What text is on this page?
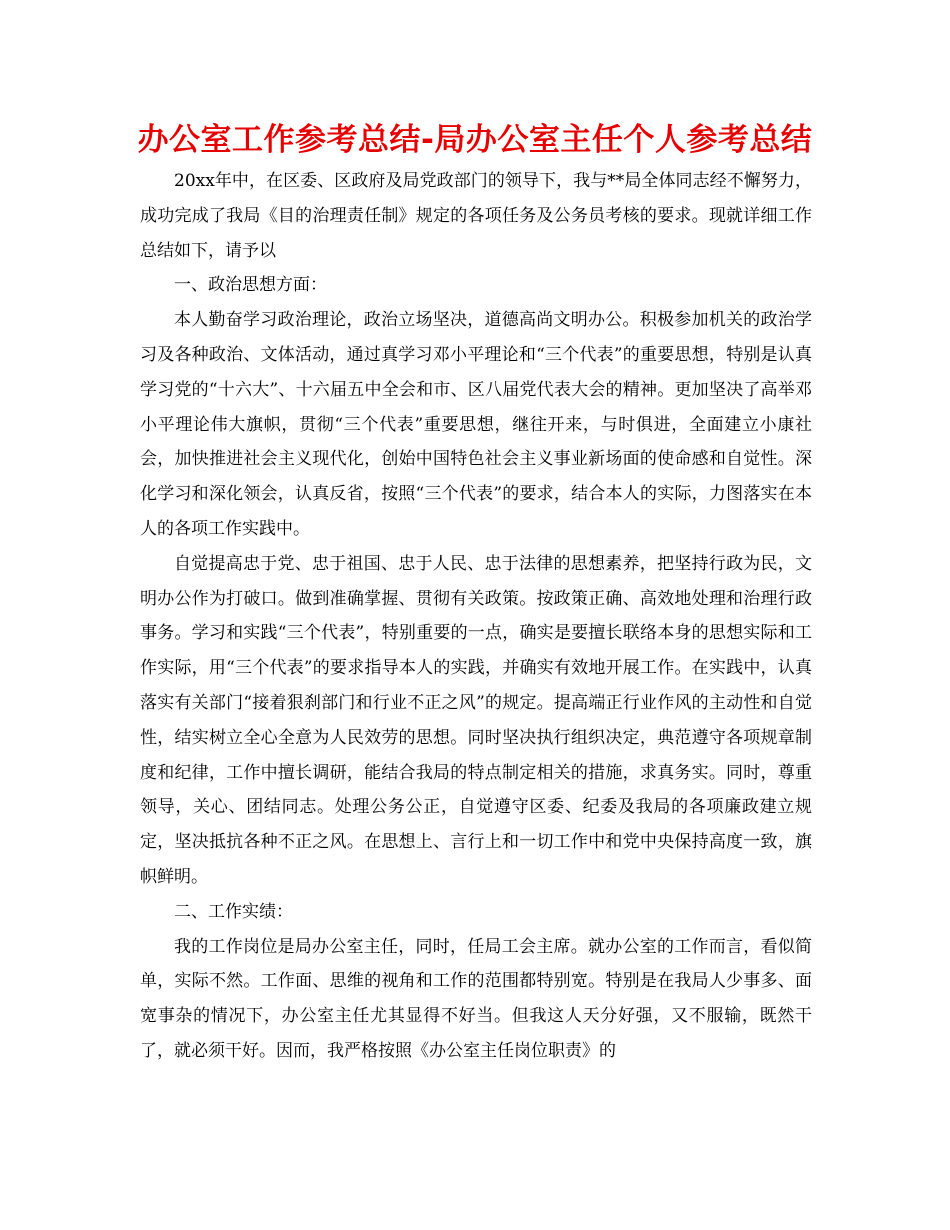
办公室工作参考总结-局办公室主任个人参考总结

20xx年中，在区委、区政府及局党政部门的领导下，我与**局全体同志经不懈努力，成功完成了我局《目的治理责任制》规定的各项任务及公务员考核的要求。现就详细工作总结如下，请予以

一、政治思想方面：

本人勤奋学习政治理论，政治立场坚决，道德高尚文明办公。积极参加机关的政治学习及各种政治、文体活动，通过真学习邓小平理论和“三个代表”的重要思想，特别是认真学习党的“十六大”、十六届五中全会和市、区八届党代表大会的精神。更加坚决了高举邓小平理论伟大旗帜，贯彻“三个代表”重要思想，继往开来，与时俱进，全面建立小康社会，加快推进社会主义现代化，创始中国特色社会主义事业新场面的使命感和自觉性。深化学习和深化领会，认真反省，按照“三个代表”的要求，结合本人的实际，力图落实在本人的各项工作实践中。

自觉提高忠于党、忠于祖国、忠于人民、忠于法律的思想素养，把坚持行政为民，文明办公作为打破口。做到准确掌握、贯彻有关政策。按政策正确、高效地处理和治理行政事务。学习和实践“三个代表”，特别重要的一点，确实是要擅长联络本身的思想实际和工作实际，用“三个代表”的要求指导本人的实践，并确实有效地开展工作。在实践中，认真落实有关部门“接着狠刹部门和行业不正之风”的规定。提高端正行业作风的主动性和自觉性，结实树立全心全意为人民效劳的思想。同时坚决执行组织决定，典范遵守各项规章制度和纪律，工作中擅长调研，能结合我局的特点制定相关的措施，求真务实。同时，尊重领导，关心、团结同志。处理公务公正，自觉遵守区委、纪委及我局的各项廉政建立规定，坚决抵抗各种不正之风。在思想上、言行上和一切工作中和党中央保持高度一致，旗帜鲜明。

二、工作实绩：

我的工作岗位是局办公室主任，同时，任局工会主席。就办公室的工作而言，看似简单，实际不然。工作面、思维的视角和工作的范围都特别宽。特别是在我局人少事多、面宽事杂的情况下，办公室主任尤其显得不好当。但我这人天分好强，又不服输，既然干了，就必须干好。因而，我严格按照《办公室主任岗位职责》的
